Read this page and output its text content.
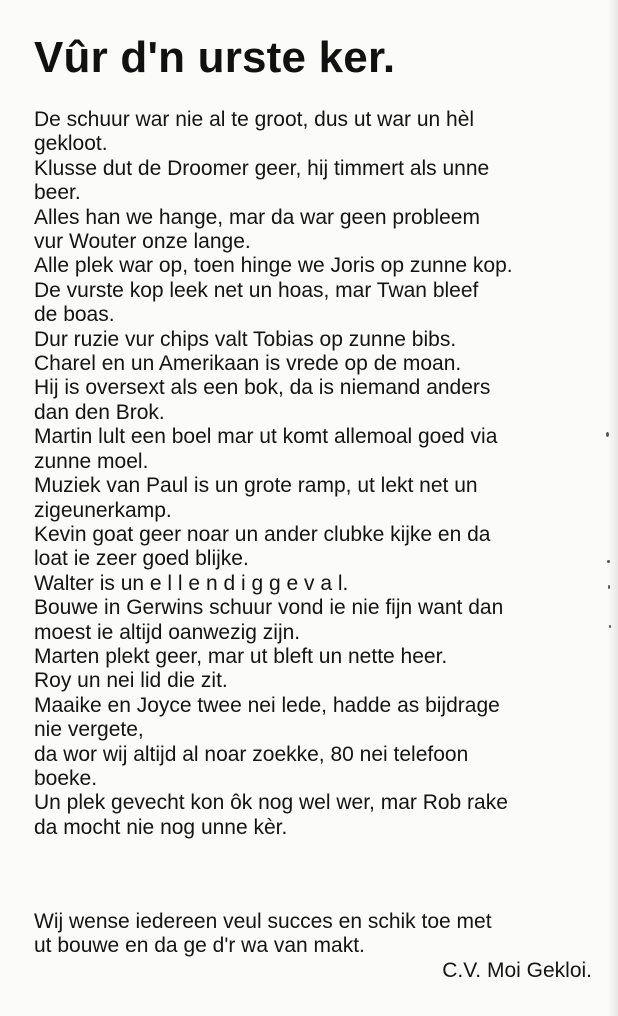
Vûr d'n urste ker.
De schuur war nie al te groot, dus ut war un hèl
gekloot.
Klusse dut de Droomer geer, hij timmert als unne
beer.
Alles han we hange, mar da war geen probleem
vur Wouter onze lange.
Alle plek war op, toen hinge we Joris op zunne kop.
De vurste kop leek net un hoas, mar Twan bleef
de boas.
Dur ruzie vur chips valt Tobias op zunne bibs.
Charel en un Amerikaan is vrede op de moan.
Hij is oversext als een bok, da is niemand anders
dan den Brok.
Martin lult een boel mar ut komt allemoal goed via
zunne moel.
Muziek van Paul is un grote ramp, ut lekt net un
zigeunerkamp.
Kevin goat geer noar un ander clubke kijke en da
loat ie zeer goed blijke.
Walter is un e l l e n d i g g e v a l.
Bouwe in Gerwins schuur vond ie nie fijn want dan
moest ie altijd oanwezig zijn.
Marten plekt geer, mar ut bleft un nette heer.
Roy un nei lid die zit.
Maaike en Joyce twee nei lede, hadde as bijdrage
nie vergete,
da wor wij altijd al noar zoekke, 80 nei telefoon
boeke.
Un plek gevecht kon ôk nog wel wer, mar Rob rake
da mocht nie nog unne kèr.
Wij wense iedereen veul succes en schik toe met
ut bouwe en da ge d'r wa van makt.
C.V. Moi Gekloi.
